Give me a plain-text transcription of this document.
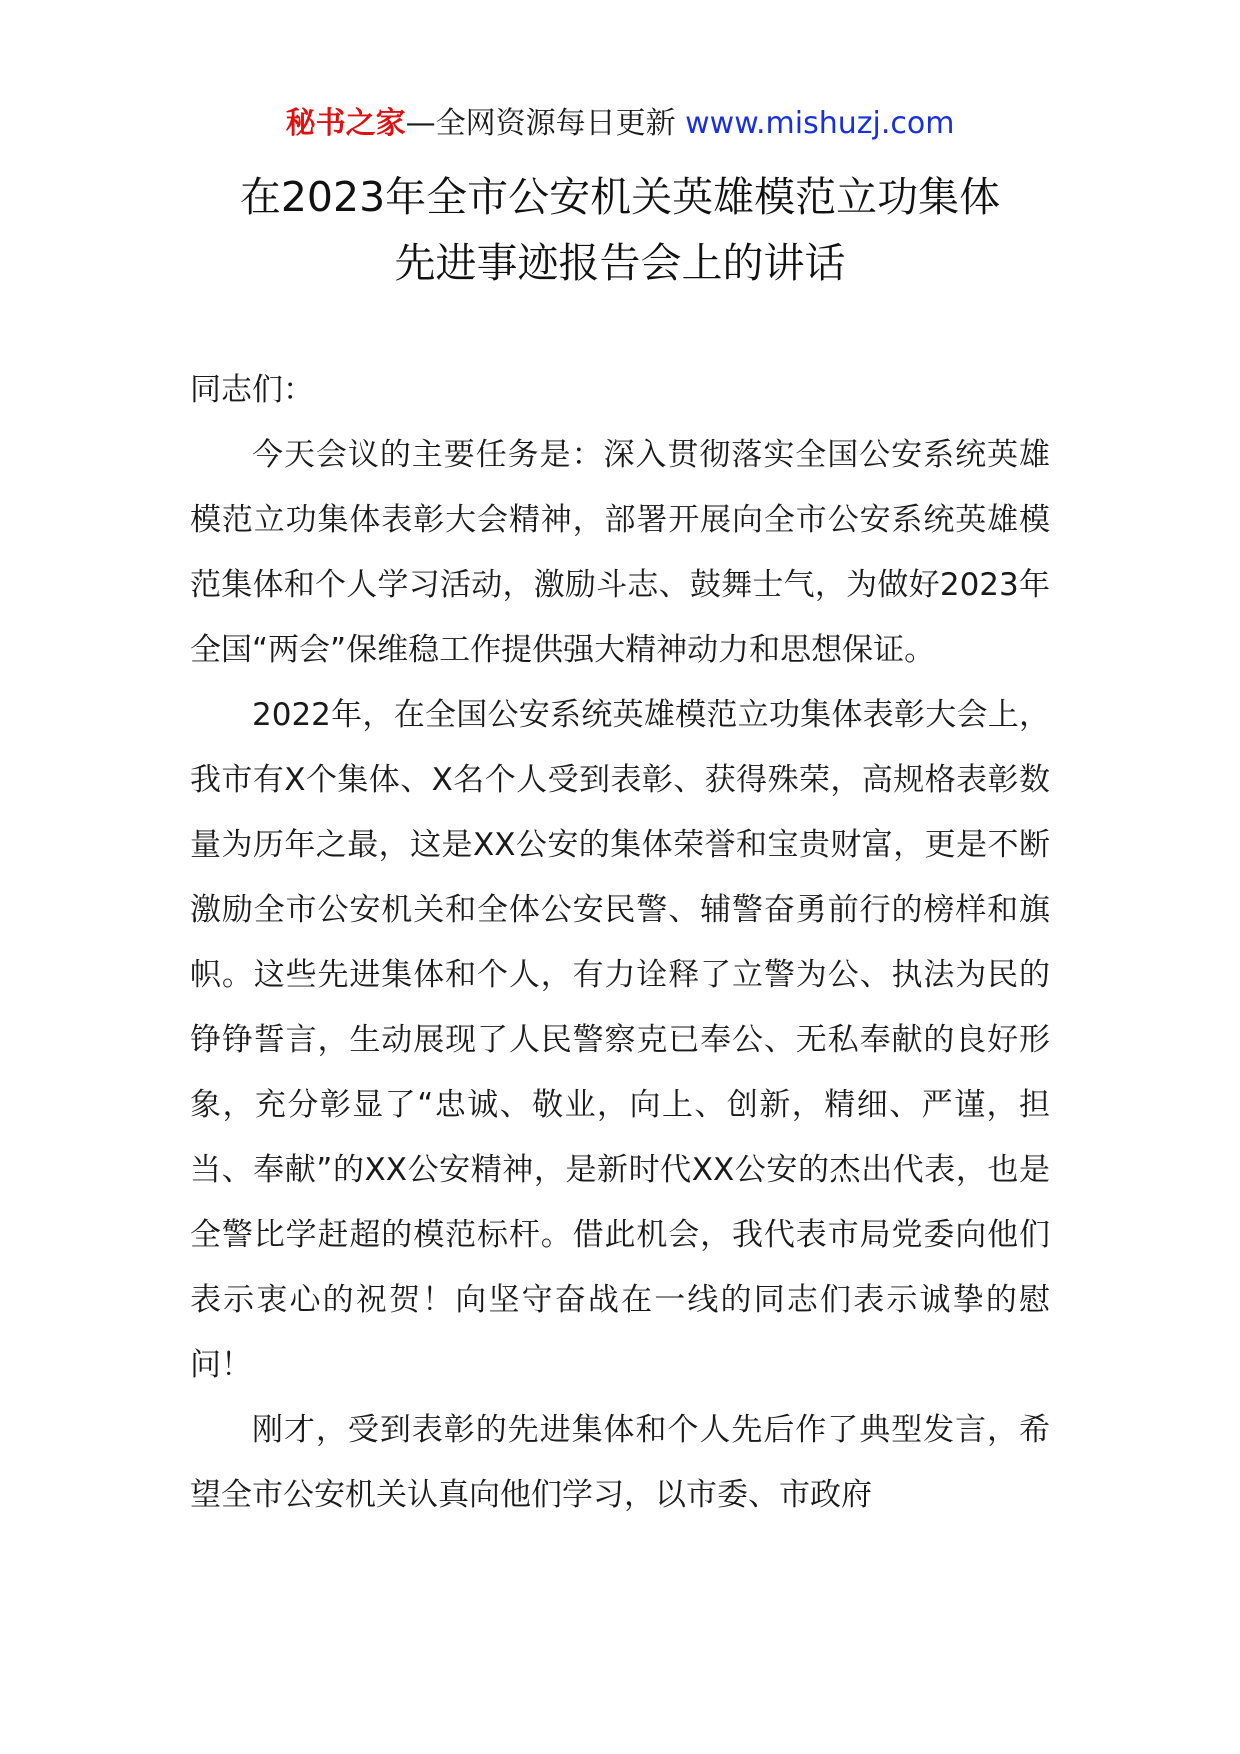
秘书之家—全网资源每日更新 www.mishuzj.com
在2023年全市公安机关英雄模范立功集体
先进事迹报告会上的讲话

同志们：

今天会议的主要任务是：深入贯彻落实全国公安系统英雄模范立功集体表彰大会精神，部署开展向全市公安系统英雄模范集体和个人学习活动，激励斗志、鼓舞士气，为做好2023年全国“两会”保维稳工作提供强大精神动力和思想保证。

2022年，在全国公安系统英雄模范立功集体表彰大会上，我市有X个集体、X名个人受到表彰、获得殊荣，高规格表彰数量为历年之最，这是XX公安的集体荣誉和宝贵财富，更是不断激励全市公安机关和全体公安民警、辅警奋勇前行的榜样和旗帜。这些先进集体和个人，有力诠释了立警为公、执法为民的铮铮誓言，生动展现了人民警察克已奉公、无私奉献的良好形象，充分彰显了“忠诚、敬业，向上、创新，精细、严谨，担当、奉献”的XX公安精神，是新时代XX公安的杰出代表，也是全警比学赶超的模范标杆。借此机会，我代表市局党委向他们表示衷心的祝贺！向坚守奋战在一线的同志们表示诚挚的慰问！

刚才，受到表彰的先进集体和个人先后作了典型发言，希望全市公安机关认真向他们学习，以市委、市政府
